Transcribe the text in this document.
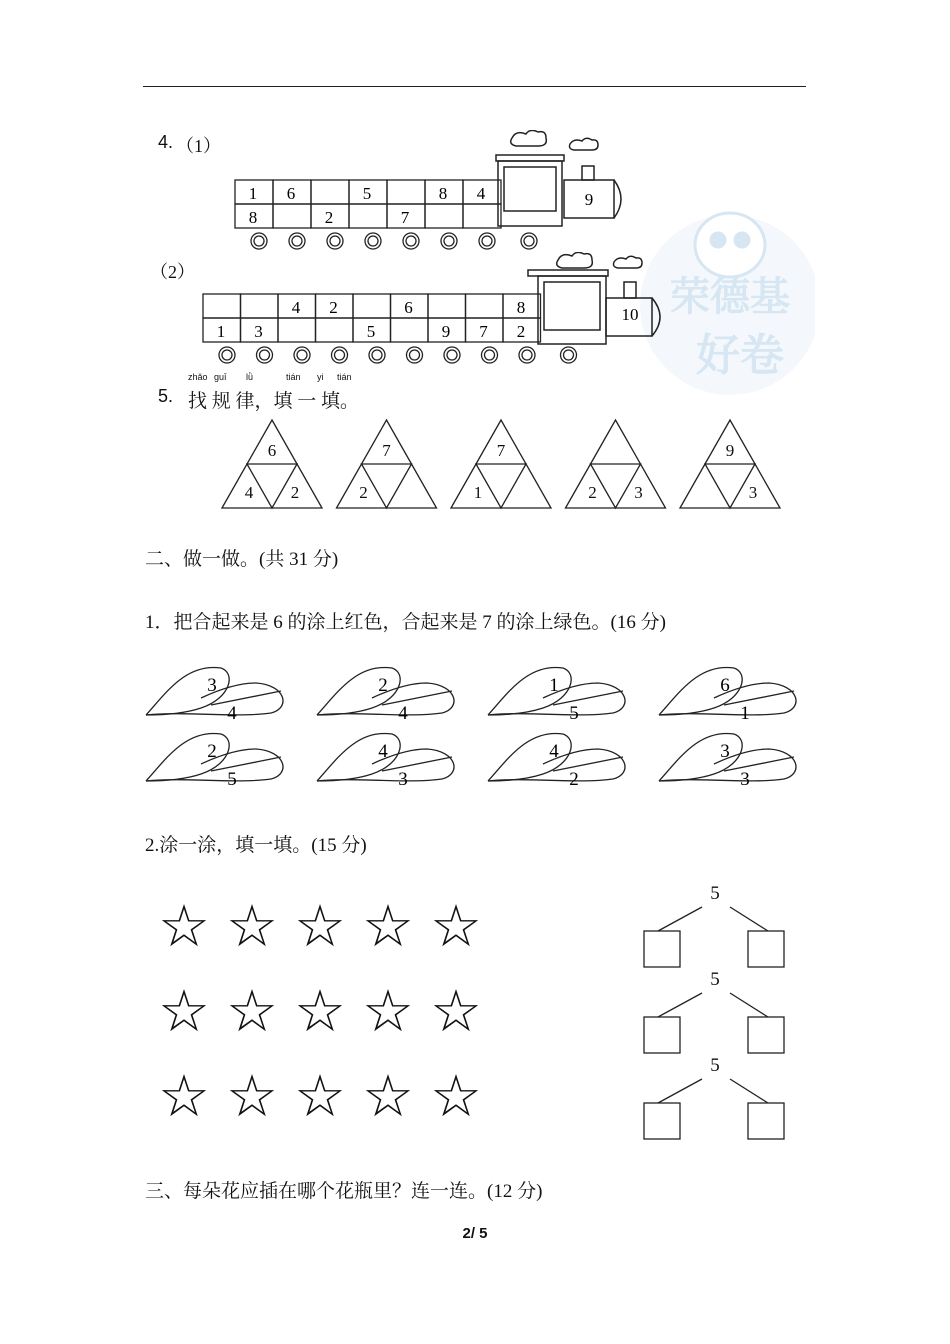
荣德基
好卷
4. （1）
（2）
9
1
8
6
2
5
7
8 4
10
1 3
4 2
5
6
9 7
8
2
zhǎo guī lǜ	tián yi tián
5. 找 规 律，填 一 填。
6
4 2
7
2
7
1	2 3
9
3
二、做一做。(共 31 分)
1．把合起来是 6 的涂上红色，合起来是 7 的涂上绿色。(16 分)
3
4
2
4
1
5
6
1
2
5
4
3
4
2
3
3
2.涂一涂，填一填。(15 分)
☆ ☆ ☆ ☆ ☆
☆ ☆ ☆ ☆ ☆
☆ ☆ ☆ ☆ ☆
5
5
5
三、每朵花应插在哪个花瓶里？连一连。(12 分)
2/ 5
